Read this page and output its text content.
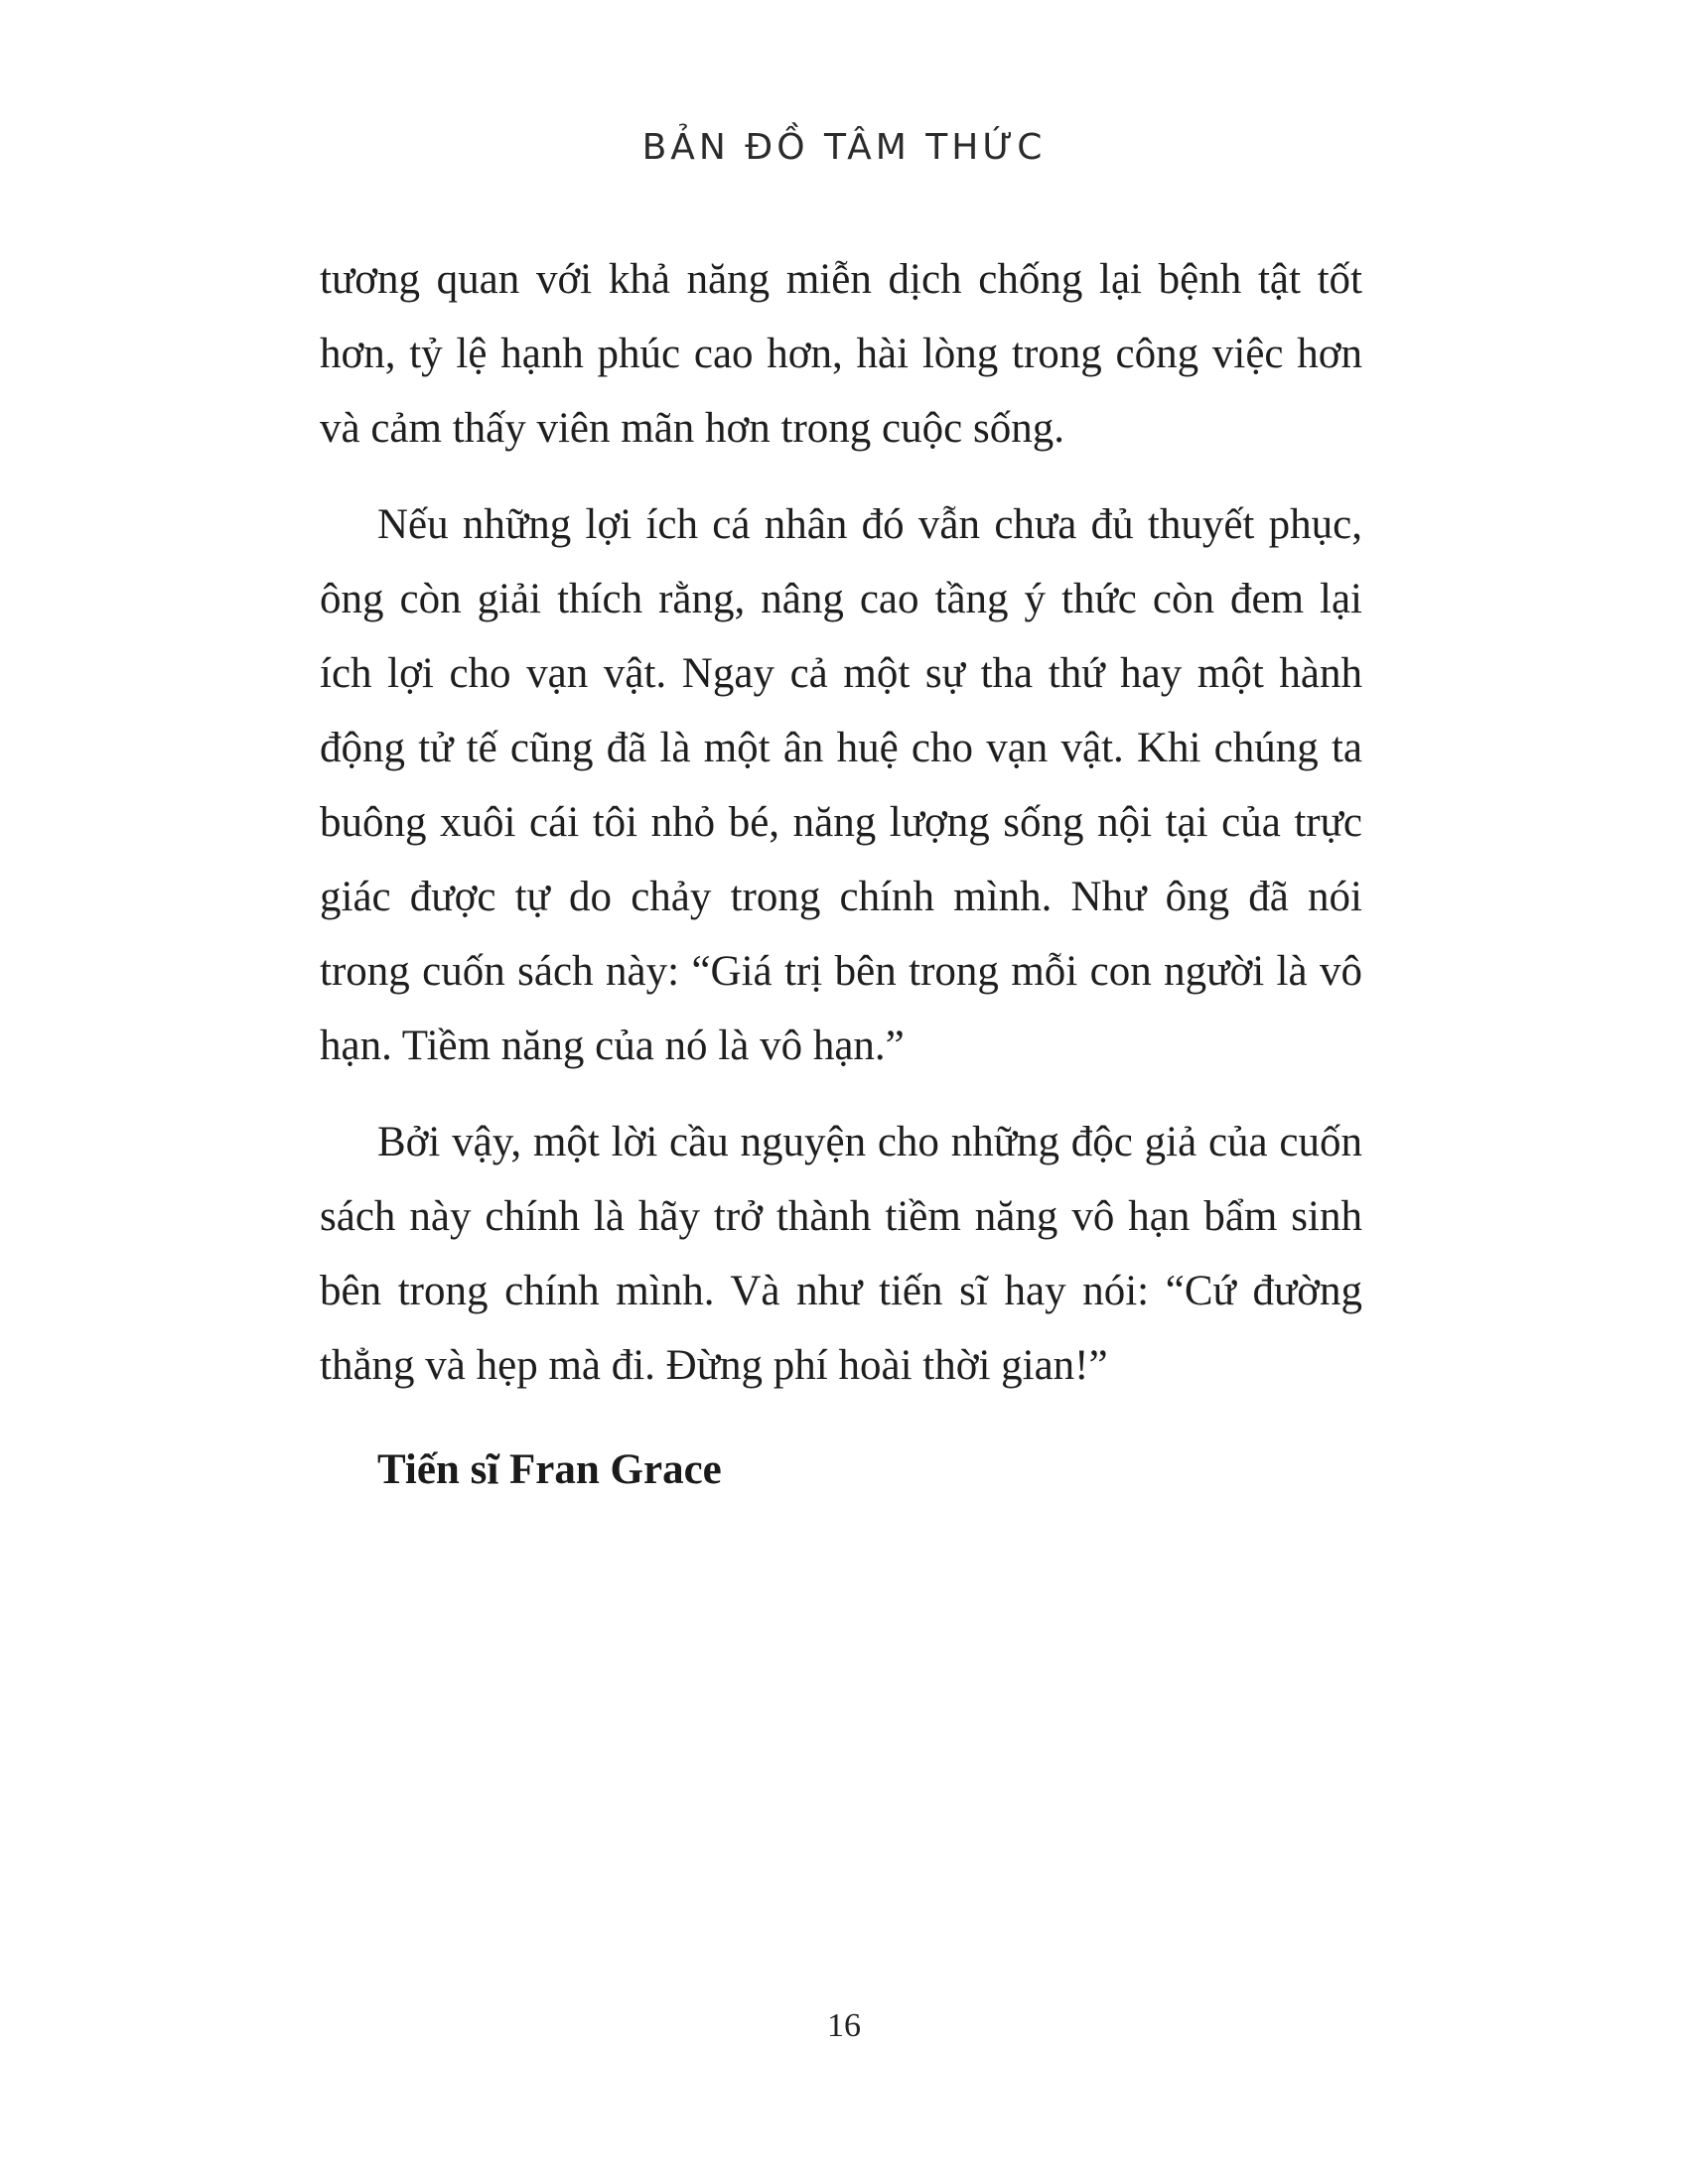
BẢN ĐỒ TÂM THỨC

tương quan với khả năng miễn dịch chống lại bệnh tật tốt hơn, tỷ lệ hạnh phúc cao hơn, hài lòng trong công việc hơn và cảm thấy viên mãn hơn trong cuộc sống.

Nếu những lợi ích cá nhân đó vẫn chưa đủ thuyết phục, ông còn giải thích rằng, nâng cao tầng ý thức còn đem lại ích lợi cho vạn vật. Ngay cả một sự tha thứ hay một hành động tử tế cũng đã là một ân huệ cho vạn vật. Khi chúng ta buông xuôi cái tôi nhỏ bé, năng lượng sống nội tại của trực giác được tự do chảy trong chính mình. Như ông đã nói trong cuốn sách này: “Giá trị bên trong mỗi con người là vô hạn. Tiềm năng của nó là vô hạn.”

Bởi vậy, một lời cầu nguyện cho những độc giả của cuốn sách này chính là hãy trở thành tiềm năng vô hạn bẩm sinh bên trong chính mình. Và như tiến sĩ hay nói: “Cứ đường thẳng và hẹp mà đi. Đừng phí hoài thời gian!”

Tiến sĩ Fran Grace

16
